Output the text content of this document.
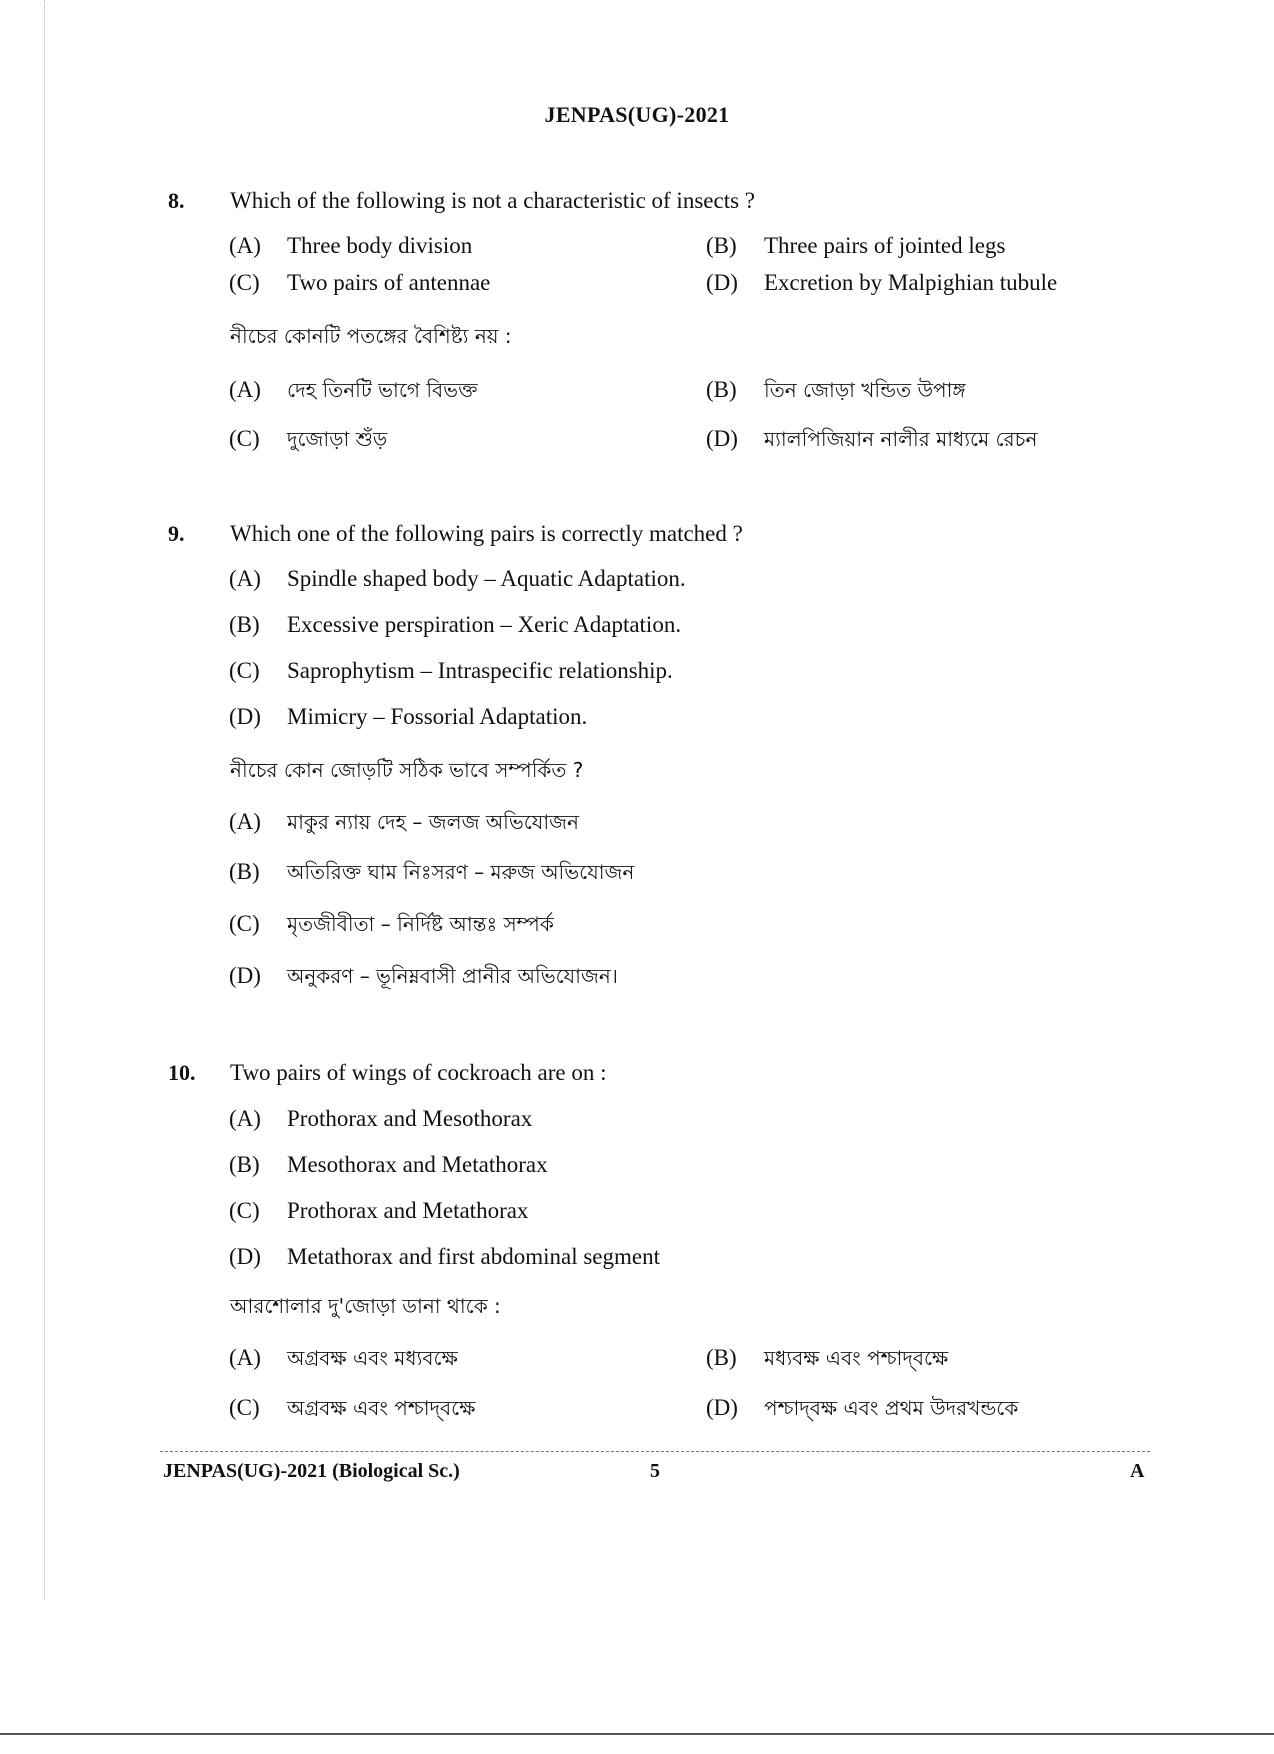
JENPAS(UG)-2021
8. Which of the following is not a characteristic of insects ?
(A) Three body division	(B) Three pairs of jointed legs
(C) Two pairs of antennae	(D) Excretion by Malpighian tubule
নীচের কোনটি পতঙ্গের বৈশিষ্ট্য নয় :
(A) দেহ তিনটি ভাগে বিভক্ত	(B) তিন জোড়া খন্ডিত উপাঙ্গ
(C) দুজোড়া শুঁড়	(D) ম্যালপিজিয়ান নালীর মাধ্যমে রেচন
9. Which one of the following pairs is correctly matched ?
(A) Spindle shaped body – Aquatic Adaptation.
(B) Excessive perspiration – Xeric Adaptation.
(C) Saprophytism – Intraspecific relationship.
(D) Mimicry – Fossorial Adaptation.
নীচের কোন জোড়টি সঠিক ভাবে সম্পর্কিত ?
(A) মাকুর ন্যায় দেহ – জলজ অভিযোজন
(B) অতিরিক্ত ঘাম নিঃসরণ – মরুজ অভিযোজন
(C) মৃতজীবীতা – নির্দিষ্ট আন্তঃ সম্পর্ক
(D) অনুকরণ – ভূনিম্নবাসী প্রানীর অভিযোজন।
10. Two pairs of wings of cockroach are on :
(A) Prothorax and Mesothorax
(B) Mesothorax and Metathorax
(C) Prothorax and Metathorax
(D) Metathorax and first abdominal segment
আরশোলার দু'জোড়া ডানা থাকে :
(A) অগ্রবক্ষ এবং মধ্যবক্ষে	(B) মধ্যবক্ষ এবং পশ্চাদ্‌বক্ষে
(C) অগ্রবক্ষ এবং পশ্চাদ্‌বক্ষে	(D) পশ্চাদ্‌বক্ষ এবং প্রথম উদরখন্ডকে
JENPAS(UG)-2021 (Biological Sc.)	5	A
